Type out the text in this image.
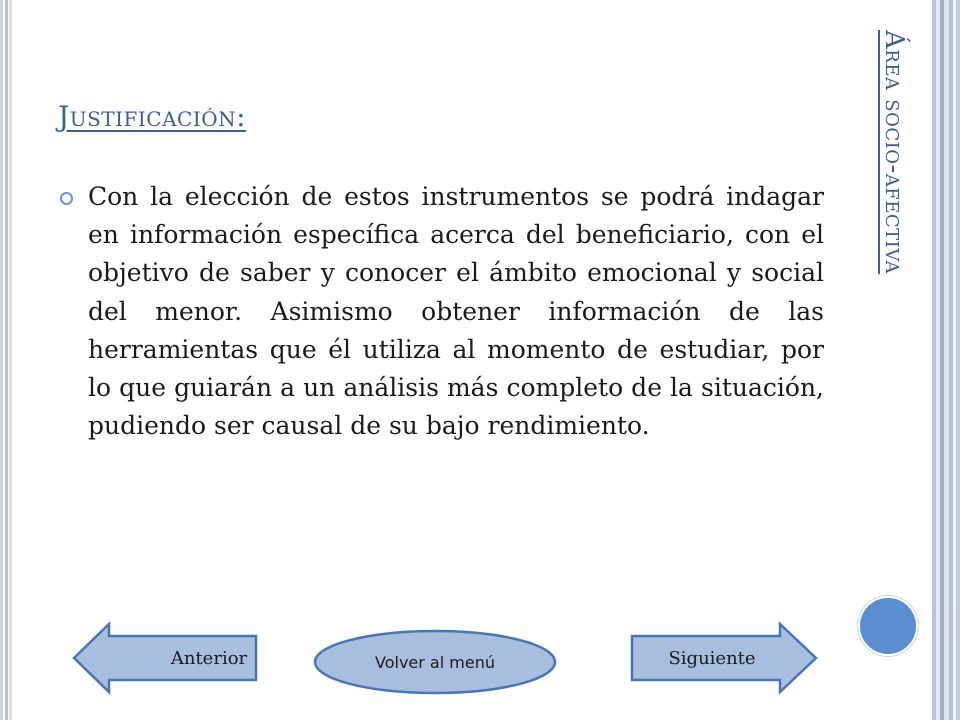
Área socio-afectiva
Justificación:

Con la elección de estos instrumentos se podrá indagar en información específica acerca del beneficiario, con el objetivo de saber y conocer el ámbito emocional y social del menor. Asimismo obtener información de las herramientas que él utiliza al momento de estudiar, por lo que guiarán a un análisis más completo de la situación, pudiendo ser causal de su bajo rendimiento.

Anterior	Volver al menú	Siguiente
